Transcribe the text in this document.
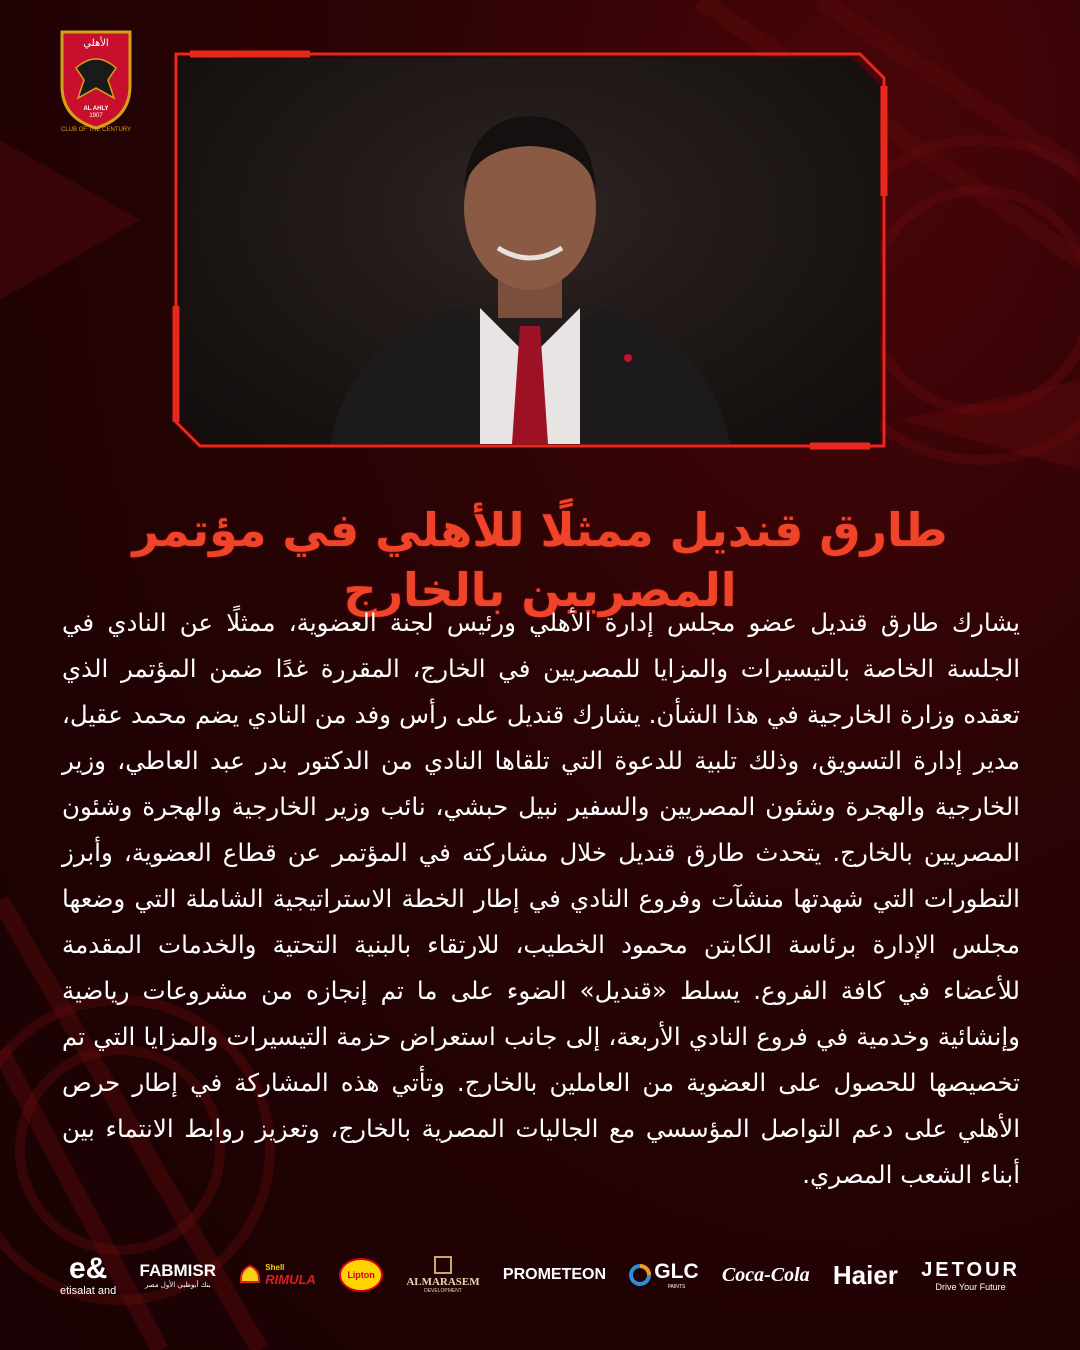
الأهلي
AL AHLY
1907
CLUB OF THE CENTURY
طارق قنديل ممثلًا للأهلي في مؤتمر المصريين بالخارج
يشارك طارق قنديل عضو مجلس إدارة الأهلي ورئيس لجنة العضوية، ممثلًا عن النادي في الجلسة الخاصة بالتيسيرات والمزايا للمصريين في الخارج، المقررة غدًا ضمن المؤتمر الذي تعقده وزارة الخارجية في هذا الشأن. يشارك قنديل على رأس وفد من النادي يضم محمد عقيل، مدير إدارة التسويق، وذلك تلبية للدعوة التي تلقاها النادي من الدكتور بدر عبد العاطي، وزير الخارجية والهجرة وشئون المصريين والسفير نبيل حبشي، نائب وزير الخارجية والهجرة وشئون المصريين بالخارج. يتحدث طارق قنديل خلال مشاركته في المؤتمر عن قطاع العضوية، وأبرز التطورات التي شهدتها منشآت وفروع النادي في إطار الخطة الاستراتيجية الشاملة التي وضعها مجلس الإدارة برئاسة الكابتن محمود الخطيب، للارتقاء بالبنية التحتية والخدمات المقدمة للأعضاء في كافة الفروع. يسلط «قنديل» الضوء على ما تم إنجازه من مشروعات رياضية وإنشائية وخدمية في فروع النادي الأربعة، إلى جانب استعراض حزمة التيسيرات والمزايا التي تم تخصيصها للحصول على العضوية من العاملين بالخارج. وتأتي هذه المشاركة في إطار حرص الأهلي على دعم التواصل المؤسسي مع الجاليات المصرية بالخارج، وتعزيز روابط الانتماء بين أبناء الشعب المصري.
e&
etisalat and
FABMISR
بنك أبوظبي الأول مصر
Shell
RIMULA	Lipton
ALMARASEM
DEVELOPMENT
PROMETEON GLC
PAINTS
Coca-Cola Haier JETOUR
Drive Your Future
